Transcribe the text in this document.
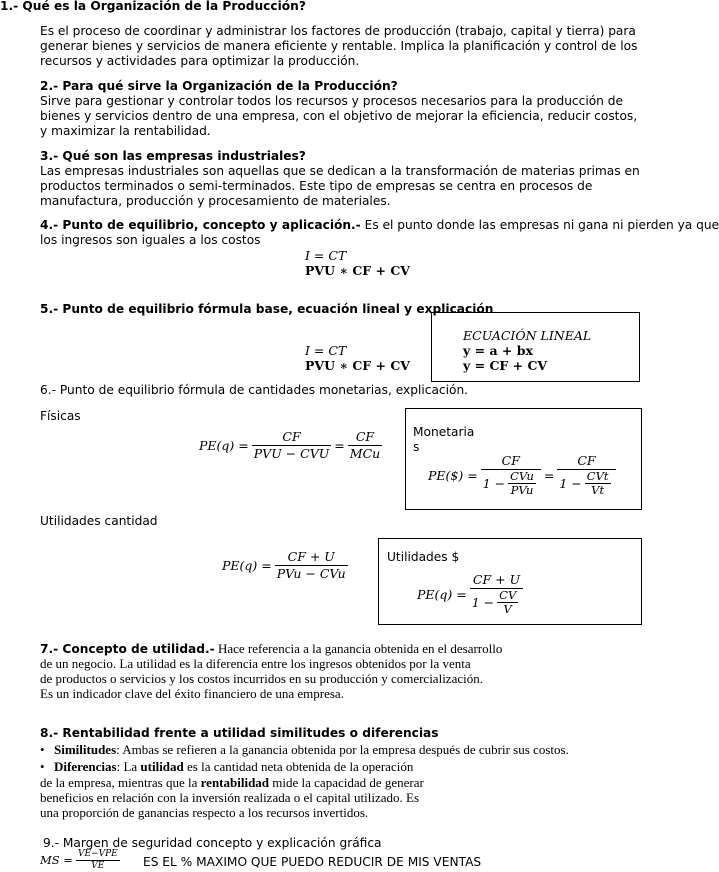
1.- Qué es la Organización de la Producción?
Es el proceso de coordinar y administrar los factores de producción (trabajo, capital y tierra) para generar bienes y servicios de manera eficiente y rentable. Implica la planificación y control de los recursos y actividades para optimizar la producción.
2.- Para qué sirve la Organización de la Producción?
Sirve para gestionar y controlar todos los recursos y procesos necesarios para la producción de bienes y servicios dentro de una empresa, con el objetivo de mejorar la eficiencia, reducir costos, y maximizar la rentabilidad.
3.- Qué son las empresas industriales?
Las empresas industriales son aquellas que se dedican a la transformación de materias primas en productos terminados o semi-terminados. Este tipo de empresas se centra en procesos de manufactura, producción y procesamiento de materiales.
4.- Punto de equilibrio, concepto y aplicación.- Es el punto donde las empresas ni gana ni pierden ya que
los ingresos son iguales a los costos
I = CT
PVU ∗ CF + CV
5.- Punto de equilibrio fórmula base, ecuación lineal y explicación
I = CT
PVU ∗ CF + CV
ECUACIÓN LINEAL
y = a + bx
y = CF + CV
6.- Punto de equilibrio fórmula de cantidades monetarias, explicación.
Físicas
$PE(q) = \frac{CF}{\text{PVU − CVU}} = \frac{CF}{\text{MCu}}$	Monetaria
s
PE($) = $\frac{CF}{1 - \frac{\text{CVu}}{\text{PVu}}} = \frac{CF}{1 - \frac{\text{CVt}}{Vt}}$
Utilidades cantidad
$PE(q) = \frac{CF + U}{\text{PVu − CVu}}$	Utilidades $
$PE(q) = \frac{CF + U}{1 - \frac{CV}{V}}$
7.- Concepto de utilidad.- Hace referencia a la ganancia obtenida en el desarrollo
de un negocio. La utilidad es la diferencia entre los ingresos obtenidos por la venta
de productos o servicios y los costos incurridos en su producción y comercialización.
Es un indicador clave del éxito financiero de una empresa.
8.- Rentabilidad frente a utilidad similitudes o diferencias
• Similitudes: Ambas se refieren a la ganancia obtenida por la empresa después de cubrir sus costos.
• Diferencias: La utilidad es la cantidad neta obtenida de la operación
de la empresa, mientras que la rentabilidad mide la capacidad de generar
beneficios en relación con la inversión realizada o el capital utilizado. Es
una proporción de ganancias respecto a los recursos invertidos.
9.- Margen de seguridad concepto y explicación gráfica
MS = $\frac{\text{VE−VPE}}{VE}$ ES EL % MAXIMO QUE PUEDO REDUCIR DE MIS VENTAS
